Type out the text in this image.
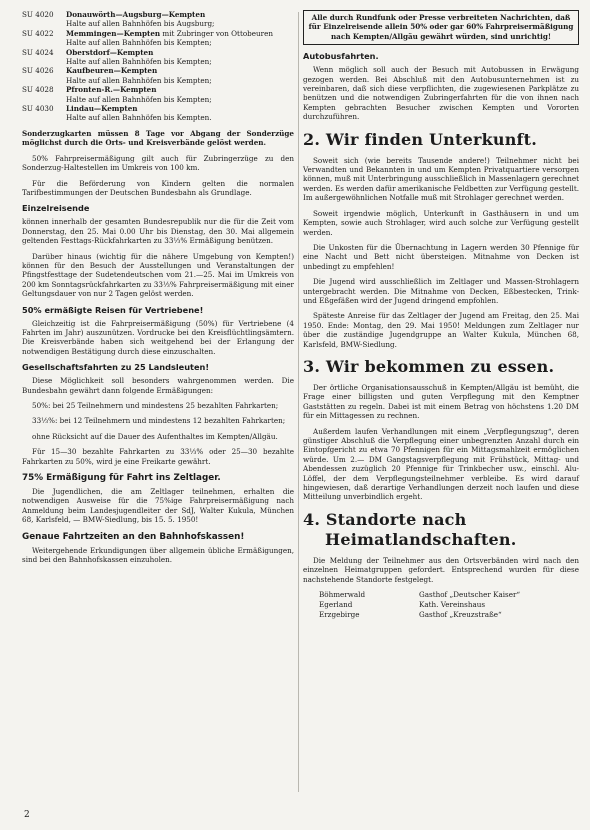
SU 4020	Donauwörth—Augsburg—Kempten
Halte auf allen Bahnhöfen bis Augsburg;
SU 4022	Memmingen—Kempten mit Zubringer von Ottobeuren
Halte auf allen Bahnhöfen bis Kempten;
SU 4024	Oberstdorf—Kempten
Halte auf allen Bahnhöfen bis Kempten;
SU 4026	Kaufbeuren—Kempten
Halte auf allen Bahnhöfen bis Kempten;
SU 4028	Pfronten-R.—Kempten
Halte auf allen Bahnhöfen bis Kempten;
SU 4030	Lindau—Kempten
Halte auf allen Bahnhöfen bis Kempten.

Sonderzugkarten müssen 8 Tage vor Abgang der Sonderzüge möglichst durch die Orts- und Kreisverbände gelöst werden.

50% Fahrpreisermäßigung gilt auch für Zubringerzüge zu den Sonderzug-Haltestellen im Umkreis von 100 km.

Für die Beförderung von Kindern gelten die normalen Tarifbestimmungen der Deutschen Bundesbahn als Grundlage.

Einzelreisende

können innerhalb der gesamten Bundesrepublik nur die für die Zeit vom Donnerstag, den 25. Mai 0.00 Uhr bis Dienstag, den 30. Mai allgemein geltenden Festtags-Rückfahrkarten zu 33⅓% Ermäßigung benützen.

Darüber hinaus (wichtig für die nähere Umgebung von Kempten!) können für den Besuch der Ausstellungen und Veranstaltungen der Pfingstfesttage der Sudetendeutschen vom 21.—25. Mai im Umkreis von 200 km Sonntagsrückfahrkarten zu 33⅓% Fahrpreisermäßigung mit einer Geltungsdauer von nur 2 Tagen gelöst werden.

50% ermäßigte Reisen für Vertriebene!

Gleichzeitig ist die Fahrpreisermäßigung (50%) für Vertriebene (4 Fahrten im Jahr) auszunützen. Vordrucke bei den Kreisflüchtlingsämtern. Die Kreisverbände haben sich weitgehend bei der Erlangung der notwendigen Bestätigung durch diese einzuschalten.

Gesellschaftsfahrten zu 25 Landsleuten!

Diese Möglichkeit soll besonders wahrgenommen werden. Die Bundesbahn gewährt dann folgende Ermäßigungen:

50%: bei 25 Teilnehmern und mindestens 25 bezahlten Fahrkarten;

33⅓%: bei 12 Teilnehmern und mindestens 12 bezahlten Fahrkarten;

ohne Rücksicht auf die Dauer des Aufenthaltes im Kempten/Allgäu.

Für 15—30 bezahlte Fahrkarten zu 33⅓% oder 25—30 bezahlte Fahrkarten zu 50%, wird je eine Freikarte gewährt.

75% Ermäßigung für Fahrt ins Zeltlager.

Die Jugendlichen, die am Zeltlager teilnehmen, erhalten die notwendigen Ausweise für die 75%ige Fahrpreisermäßigung nach Anmeldung beim Landesjugendleiter der SdJ, Walter Kukula, München 68, Karlsfeld, — BMW-Siedlung, bis 15. 5. 1950!

Genaue Fahrtzeiten an den Bahnhofskassen!

Weitergehende Erkundigungen über allgemein übliche Ermäßigungen, sind bei den Bahnhofskassen einzuholen.

2

Alle durch Rundfunk oder Presse verbreiteten Nachrichten, daß für Einzelreisende allein 50% oder gar 60% Fahrpreisermäßigung nach Kempten/Allgäu gewährt würden, sind unrichtig!

Autobusfahrten.

Wenn möglich soll auch der Besuch mit Autobussen in Erwägung gezogen werden. Bei Abschluß mit den Autobusunternehmen ist zu vereinbaren, daß sich diese verpflichten, die zugewiesenen Parkplätze zu benützen und die notwendigen Zubringerfahrten für die von ihnen nach Kempten gebrachten Besucher zwischen Kempten und Vororten durchzuführen.

2. Wir finden Unterkunft.

Soweit sich (wie bereits Tausende andere!) Teilnehmer nicht bei Verwandten und Bekannten in und um Kempten Privatquartiere versorgen können, muß mit Unterbringung ausschließlich in Massenlagern gerechnet werden. Es werden dafür amerikanische Feldbetten zur Verfügung gestellt. Im außergewöhnlichen Notfalle muß mit Strohlager gerechnet werden.

Soweit irgendwie möglich, Unterkunft in Gasthäusern in und um Kempten, sowie auch Strohlager, wird auch solche zur Verfügung gestellt werden.

Die Unkosten für die Übernachtung in Lagern werden 30 Pfennige für eine Nacht und Bett nicht übersteigen. Mitnahme von Decken ist unbedingt zu empfehlen!

Die Jugend wird ausschließlich im Zeltlager und Massen-Strohlagern untergebracht werden. Die Mitnahme von Decken, Eßbestecken, Trink- und Eßgefäßen wird der Jugend dringend empfohlen.

Späteste Anreise für das Zeltlager der Jugend am Freitag, den 25. Mai 1950. Ende: Montag, den 29. Mai 1950! Meldungen zum Zeltlager nur über die zuständige Jugendgruppe an Walter Kukula, München 68, Karlsfeld, BMW-Siedlung.

3. Wir bekommen zu essen.

Der örtliche Organisationsausschuß in Kempten/Allgäu ist bemüht, die Frage einer billigsten und guten Verpflegung mit den Kemptner Gaststätten zu regeln. Dabei ist mit einem Betrag von höchstens 1.20 DM für ein Mittagessen zu rechnen.

Außerdem laufen Verhandlungen mit einem „Verpflegungszug“, deren günstiger Abschluß die Verpflegung einer unbegrenzten Anzahl durch ein Eintopfgericht zu etwa 70 Pfennigen für ein Mittagsmahlzeit ermöglichen würde. Um 2.— DM Gangstagsverpflegung mit Frühstück, Mittag- und Abendessen zuzüglich 20 Pfennige für Trinkbecher usw., einschl. Alu-Löffel, der dem Verpflegungsteilnehmer verbleibe. Es wird darauf hingewiesen, daß derartige Verhandlungen derzeit noch laufen und diese Mitteilung unverbindlich ergeht.

4. Standorte nach
Heimatlandschaften.

Die Meldung der Teilnehmer aus den Ortsverbänden wird nach den einzelnen Heimatgruppen gefordert. Entsprechend wurden für diese nachstehende Standorte festgelegt.

Böhmerwald	Gasthof „Deutscher Kaiser“
Egerland	Kath. Vereinshaus
Erzgebirge	Gasthof „Kreuzstraße“
